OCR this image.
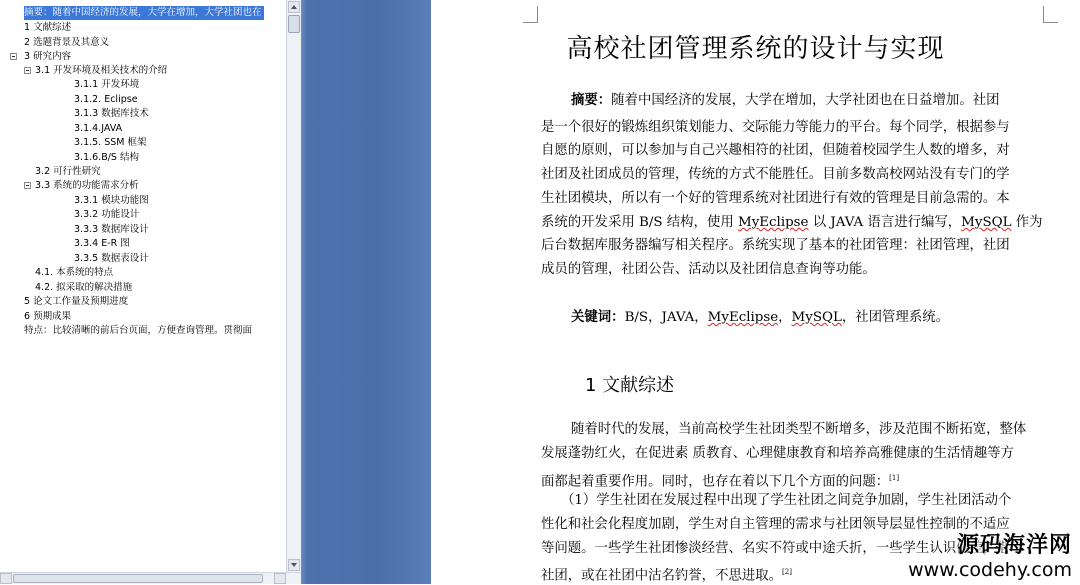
摘要：随着中国经济的发展，大学在增加，大学社团也在
1 文献综述
2 选题背景及其意义
3 研究内容
3.1 开发环境及相关技术的介绍
3.1.1 开发环境
3.1.2. Eclipse
3.1.3 数据库技术
3.1.4.JAVA
3.1.5. SSM 框架
3.1.6.B/S 结构
3.2 可行性研究
3.3 系统的功能需求分析
3.3.1 模块功能图
3.3.2 功能设计
3.3.3 数据库设计
3.3.4 E-R 图
3.3.5 数据表设计
4.1. 本系统的特点
4.2. 拟采取的解决措施
5 论文工作量及预期进度
6 预期成果
特点：比较清晰的前后台页面，方便查询管理。贯彻面
高校社团管理系统的设计与实现
摘要：随着中国经济的发展，大学在增加，大学社团也在日益增加。社团
是一个很好的锻炼组织策划能力、交际能力等能力的平台。每个同学，根据参与
自愿的原则，可以参加与自己兴趣相符的社团，但随着校园学生人数的增多，对
社团及社团成员的管理，传统的方式不能胜任。目前多数高校网站没有专门的学
生社团模块，所以有一个好的管理系统对社团进行有效的管理是目前急需的。本
系统的开发采用 B/S 结构，使用 MyEclipse 以 JAVA 语言进行编写，MySQL 作为
后台数据库服务器编写相关程序。系统实现了基本的社团管理：社团管理，社团
成员的管理，社团公告、活动以及社团信息查询等功能。
关键词：B/S，JAVA，MyEclipse，MySQL，社团管理系统。
1 文献综述
随着时代的发展，当前高校学生社团类型不断增多，涉及范围不断拓宽，整体
发展蓬勃红火，在促进素 质教育、心理健康教育和培养高雅健康的生活情趣等方
面都起着重要作用。同时，也存在着以下几个方面的问题：[1]
（1）学生社团在发展过程中出现了学生社团之间竞争加剧，学生社团活动个
性化和社会化程度加剧，学生对自主管理的需求与社团领导层显性控制的不适应
等问题。一些学生社团惨淡经营、名实不符或中途夭折，一些学生认识偏差，借
社团，或在社团中沽名钓誉，不思进取。[2]
源码海洋网
www.codehy.com
